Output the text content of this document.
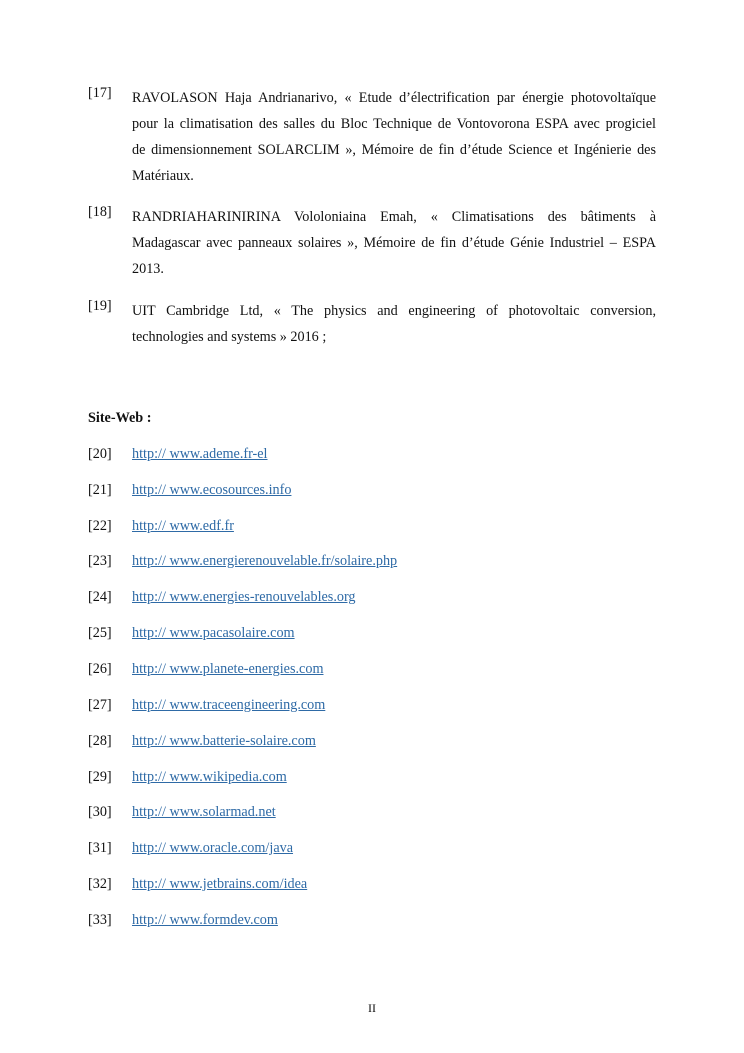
[17] RAVOLASON Haja Andrianarivo, « Etude d’électrification par énergie photovoltaïque
pour la climatisation des salles du Bloc Technique de Vontovorona ESPA avec progiciel
de dimensionnement SOLARCLIM », Mémoire de fin d’étude Science et Ingénierie des
Matériaux.
[18] RANDRIAHARINIRINA Vololoniaina Emah, « Climatisations des bâtiments à
Madagascar avec panneaux solaires », Mémoire de fin d’étude Génie Industriel – ESPA
2013.
[19] UIT Cambridge Ltd, « The physics and engineering of photovoltaic conversion,
technologies and systems » 2016 ;
Site-Web :
[20] http:// www.ademe.fr-el
[21] http:// www.ecosources.info
[22] http:// www.edf.fr
[23] http:// www.energierenouvelable.fr/solaire.php
[24] http:// www.energies-renouvelables.org
[25] http:// www.pacasolaire.com
[26] http:// www.planete-energies.com
[27] http:// www.traceengineering.com
[28] http:// www.batterie-solaire.com
[29] http:// www.wikipedia.com
[30] http:// www.solarmad.net
[31] http:// www.oracle.com/java
[32] http:// www.jetbrains.com/idea
[33] http:// www.formdev.com
II
